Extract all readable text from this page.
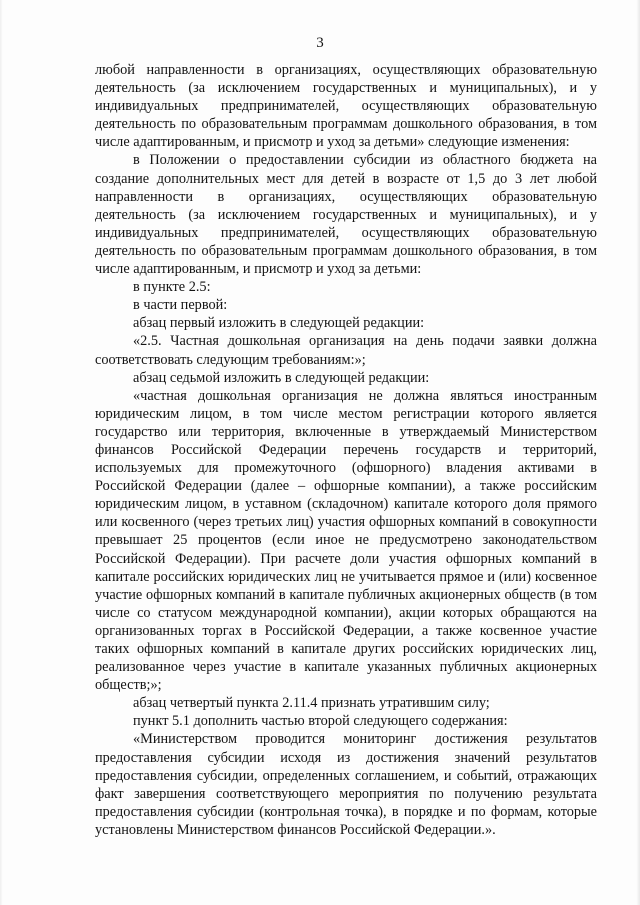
3

любой направленности в организациях, осуществляющих образовательную деятельность (за исключением государственных и муниципальных), и у индивидуальных предпринимателей, осуществляющих образовательную деятельность по образовательным программам дошкольного образования, в том числе адаптированным, и присмотр и уход за детьми» следующие изменения:

в Положении о предоставлении субсидии из областного бюджета на создание дополнительных мест для детей в возрасте от 1,5 до 3 лет любой направленности в организациях, осуществляющих образовательную деятельность (за исключением государственных и муниципальных), и у индивидуальных предпринимателей, осуществляющих образовательную деятельность по образовательным программам дошкольного образования, в том числе адаптированным, и присмотр и уход за детьми:

в пункте 2.5:

в части первой:

абзац первый изложить в следующей редакции:

«2.5. Частная дошкольная организация на день подачи заявки должна соответствовать следующим требованиям:»;

абзац седьмой изложить в следующей редакции:

«частная дошкольная организация не должна являться иностранным юридическим лицом, в том числе местом регистрации которого является государство или территория, включенные в утверждаемый Министерством финансов Российской Федерации перечень государств и территорий, используемых для промежуточного (офшорного) владения активами в Российской Федерации (далее – офшорные компании), а также российским юридическим лицом, в уставном (складочном) капитале которого доля прямого или косвенного (через третьих лиц) участия офшорных компаний в совокупности превышает 25 процентов (если иное не предусмотрено законодательством Российской Федерации). При расчете доли участия офшорных компаний в капитале российских юридических лиц не учитывается прямое и (или) косвенное участие офшорных компаний в капитале публичных акционерных обществ (в том числе со статусом международной компании), акции которых обращаются на организованных торгах в Российской Федерации, а также косвенное участие таких офшорных компаний в капитале других российских юридических лиц, реализованное через участие в капитале указанных публичных акционерных обществ;»;

абзац четвертый пункта 2.11.4 признать утратившим силу;

пункт 5.1 дополнить частью второй следующего содержания:

«Министерством проводится мониторинг достижения результатов предоставления субсидии исходя из достижения значений результатов предоставления субсидии, определенных соглашением, и событий, отражающих факт завершения соответствующего мероприятия по получению результата предоставления субсидии (контрольная точка), в порядке и по формам, которые установлены Министерством финансов Российской Федерации.».
